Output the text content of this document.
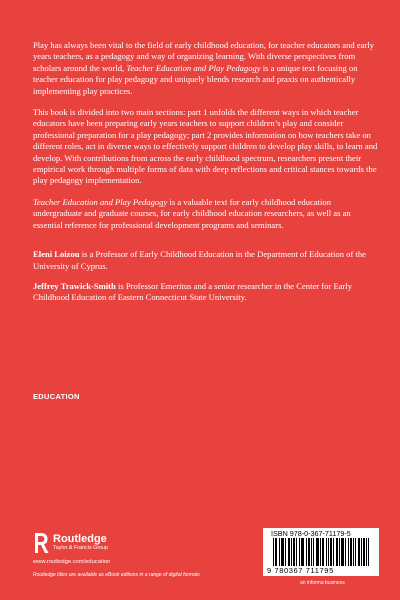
Play has always been vital to the field of early childhood education, for teacher educators and early years teachers, as a pedagogy and way of organizing learning. With diverse perspectives from scholars around the world, Teacher Education and Play Pedagogy is a unique text focusing on teacher education for play pedagogy and uniquely blends research and praxis on authentically implementing play practices.

This book is divided into two main sections: part 1 unfolds the different ways in which teacher educators have been preparing early years teachers to support children’s play and consider professional preparation for a play pedagogy; part 2 provides information on how teachers take on different roles, act in diverse ways to effectively support children to develop play skills, to learn and develop. With contributions from across the early childhood spectrum, researchers present their empirical work through multiple forms of data with deep reflections and critical stances towards the play pedagogy implementation.

Teacher Education and Play Pedagogy is a valuable text for early childhood education undergraduate and graduate courses, for early childhood education researchers, as well as an essential reference for professional development programs and seminars.

Eleni Loizou is a Professor of Early Childhood Education in the Department of Education of the University of Cyprus.

Jeffrey Trawick-Smith is Professor Emeritus and a senior researcher in the Center for Early Childhood Education of Eastern Connecticut State University.

EDUCATION
Routledge
Taylor & Francis Group
www.routledge.com/education
Routledge titles are available as eBook editions in a range of digital formats
ISBN 978-0-367-71179-5
9 780367 711795
an informa business
